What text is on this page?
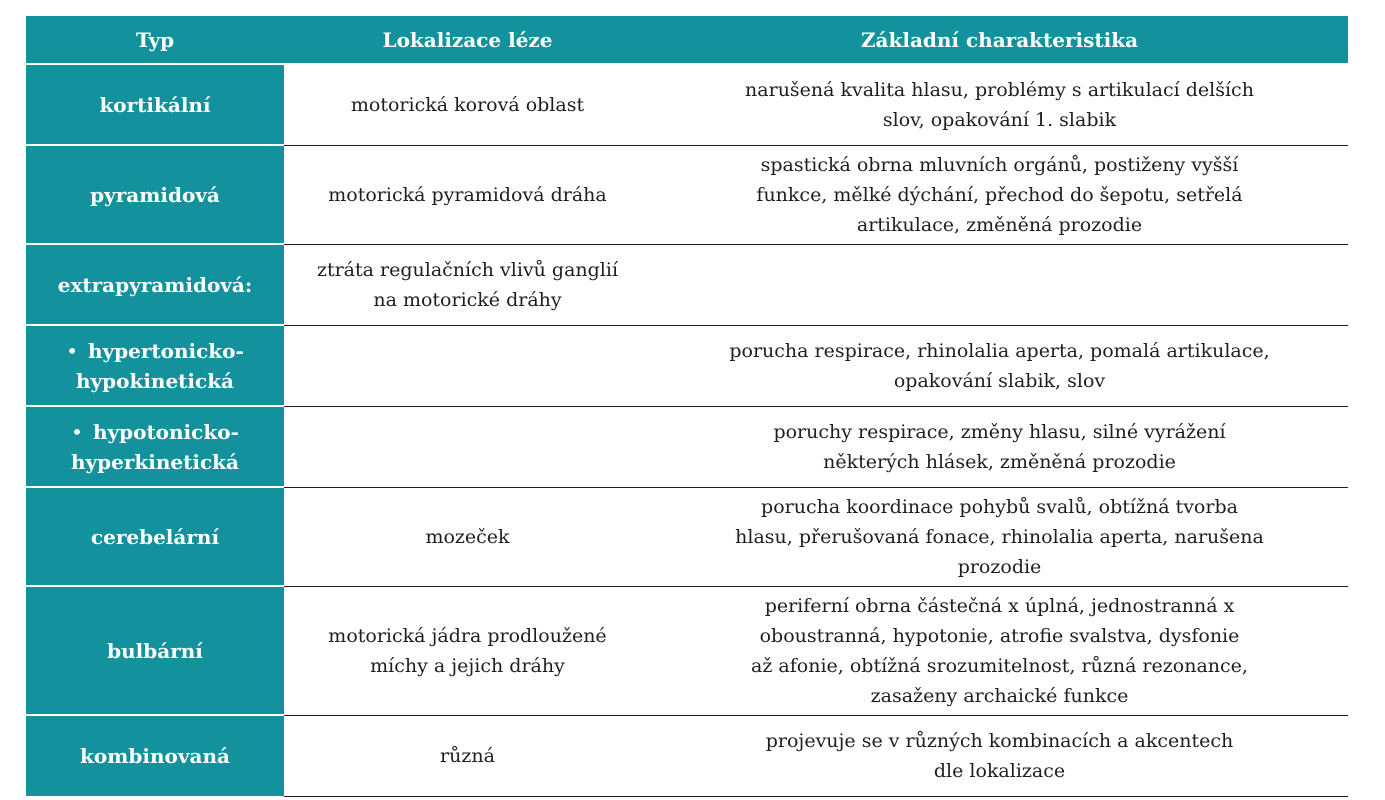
Typ	Lokalizace léze	Základní charakteristika

kortikální	motorická korová oblast	narušená kvalita hlasu, problémy s artikulací delších
slov, opakování 1. slabik

pyramidová	motorická pyramidová dráha	spastická obrna mluvních orgánů, postiženy vyšší
funkce, mělké dýchání, přechod do šepotu, setřelá
artikulace, změněná prozodie

extrapyramidová:	ztráta regulačních vlivů ganglií
na motorické dráhy	

• hypertonicko-
hypokinetická		porucha respirace, rhinolalia aperta, pomalá artikulace,
opakování slabik, slov

• hypotonicko-
hyperkinetická		poruchy respirace, změny hlasu, silné vyrážení
některých hlásek, změněná prozodie

cerebelární	mozeček	porucha koordinace pohybů svalů, obtížná tvorba
hlasu, přerušovaná fonace, rhinolalia aperta, narušena
prozodie

bulbární	motorická jádra prodloužené
míchy a jejich dráhy	periferní obrna částečná x úplná, jednostranná x
oboustranná, hypotonie, atrofie svalstva, dysfonie
až afonie, obtížná srozumitelnost, různá rezonance,
zasaženy archaické funkce

kombinovaná	různá	projevuje se v různých kombinacích a akcentech
dle lokalizace
